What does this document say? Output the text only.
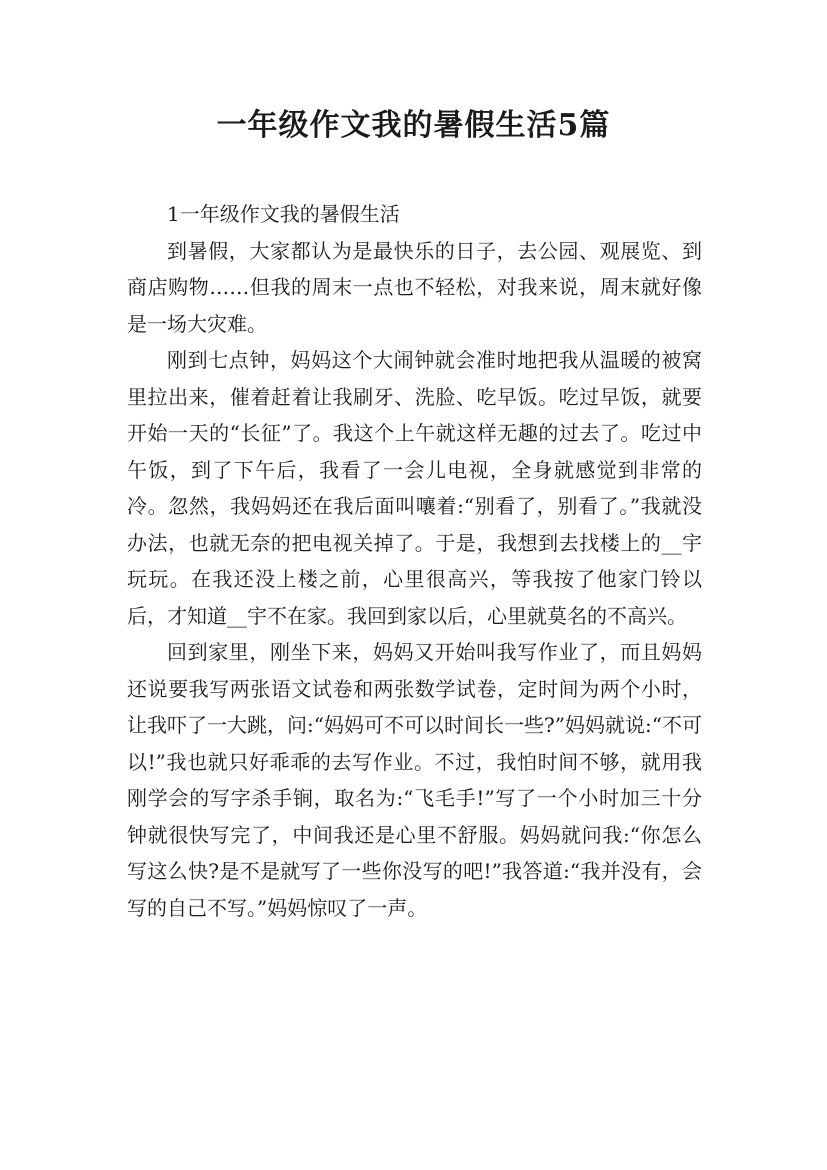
一年级作文我的暑假生活5篇

1一年级作文我的暑假生活

到暑假，大家都认为是最快乐的日子，去公园、观展览、到商店购物……但我的周末一点也不轻松，对我来说，周末就好像是一场大灾难。

刚到七点钟，妈妈这个大闹钟就会准时地把我从温暖的被窝里拉出来，催着赶着让我刷牙、洗脸、吃早饭。吃过早饭，就要开始一天的“长征”了。我这个上午就这样无趣的过去了。吃过中午饭，到了下午后，我看了一会儿电视，全身就感觉到非常的冷。忽然，我妈妈还在我后面叫嚷着:“别看了，别看了。”我就没办法，也就无奈的把电视关掉了。于是，我想到去找楼上的__宇玩玩。在我还没上楼之前，心里很高兴，等我按了他家门铃以后，才知道__宇不在家。我回到家以后，心里就莫名的不高兴。

回到家里，刚坐下来，妈妈又开始叫我写作业了，而且妈妈还说要我写两张语文试卷和两张数学试卷，定时间为两个小时，让我吓了一大跳，问:“妈妈可不可以时间长一些?”妈妈就说:“不可以!”我也就只好乖乖的去写作业。不过，我怕时间不够，就用我刚学会的写字杀手锏，取名为:“飞毛手!”写了一个小时加三十分钟就很快写完了，中间我还是心里不舒服。妈妈就问我:“你怎么写这么快?是不是就写了一些你没写的吧!”我答道:“我并没有，会写的自己不写。”妈妈惊叹了一声。
